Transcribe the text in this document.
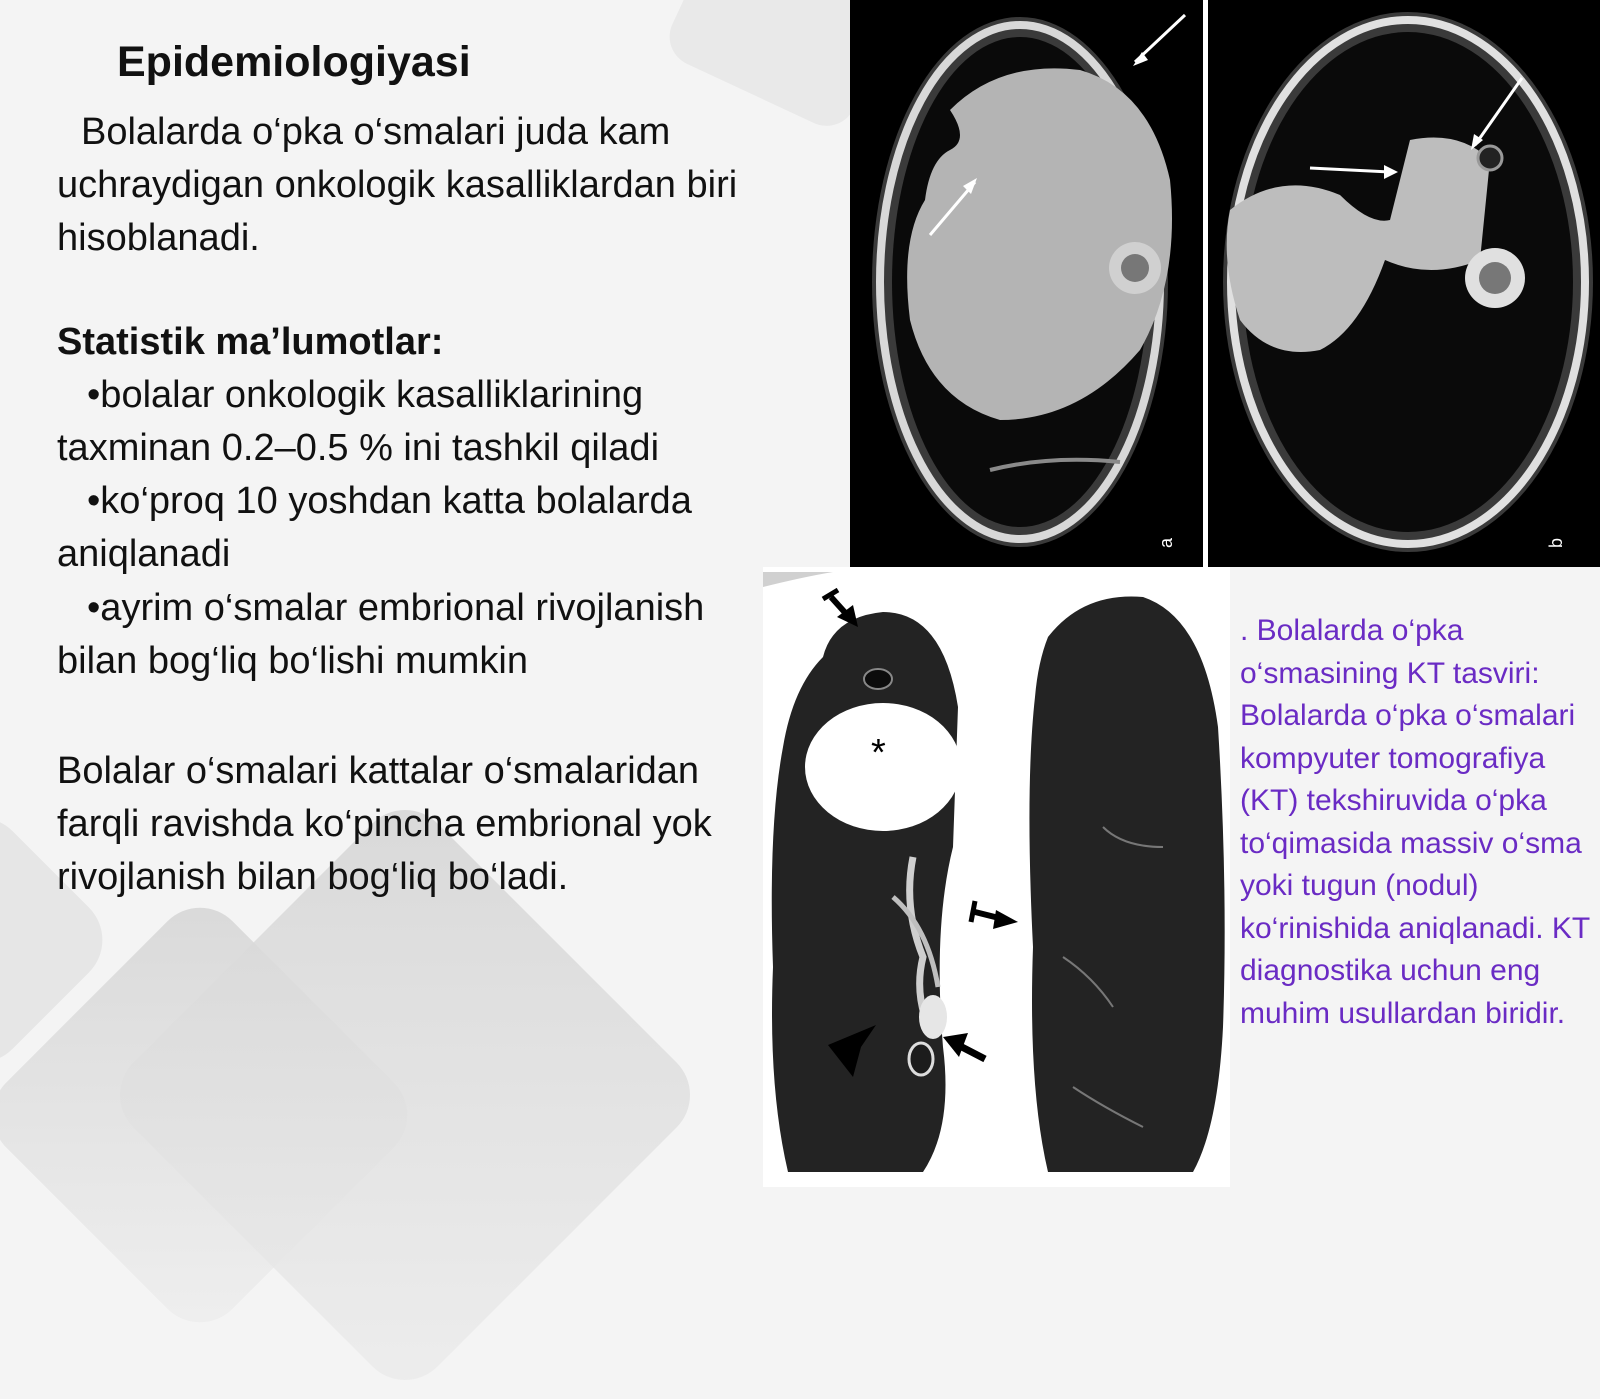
Epidemiologiyasi

Bolalarda o‘pka o‘smalari juda kam uchraydigan onkologik kasalliklardan biri hisoblanadi.

Statistik ma’lumotlar:

•bolalar onkologik kasalliklarining taxminan 0.2–0.5 % ini tashkil qiladi

•ko‘proq 10 yoshdan katta bolalarda aniqlanadi

•ayrim o‘smalar embrional rivojlanish bilan bog‘liq bo‘lishi mumkin

Bolalar o‘smalari kattalar o‘smalaridan farqli ravishda ko‘pincha embrional yok rivojlanish bilan bog‘liq bo‘ladi.

a	b
*

. Bolalarda o‘pka o‘smasining KT tasviri: Bolalarda o‘pka o‘smalari kompyuter tomografiya (KT) tekshiruvida o‘pka to‘qimasida massiv o‘sma yoki tugun (nodul) ko‘rinishida aniqlanadi. KT diagnostika uchun eng muhim usullardan biridir.
